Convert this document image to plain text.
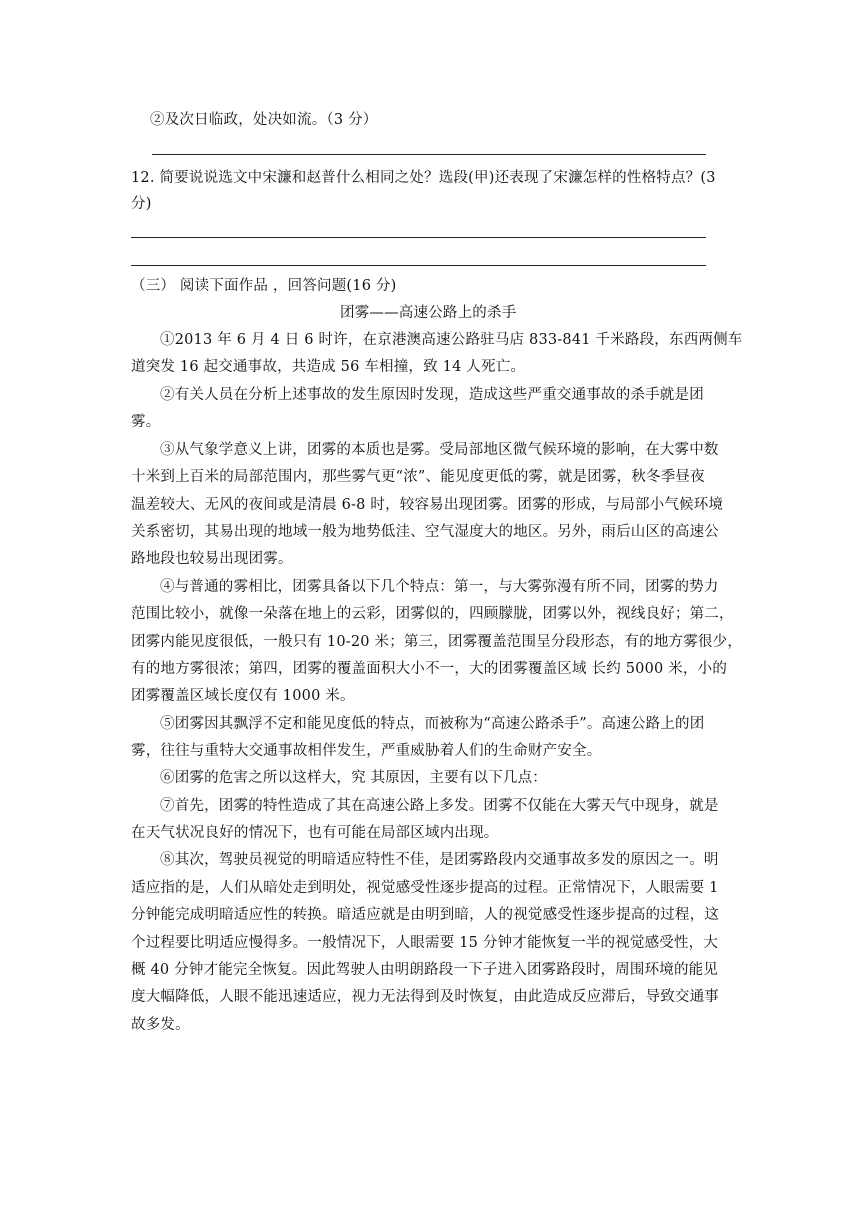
②及次日临政，处决如流。（3 分）
12. 简要说说选文中宋濂和赵普什么相同之处？选段(甲)还表现了宋濂怎样的性格特点？(3
分)
（三） 阅读下面作品 ，回答问题(16 分)
团雾——高速公路上的杀手
①2013 年 6 月 4 日 6 时许，在京港澳高速公路驻马店 833-841 千米路段，东西两侧车
道突发 16 起交通事故，共造成 56 车相撞，致 14 人死亡。
②有关人员在分析上述事故的发生原因时发现，造成这些严重交通事故的杀手就是团
雾。
③从气象学意义上讲，团雾的本质也是雾。受局部地区微气候环境的影响，在大雾中数
十米到上百米的局部范围内，那些雾气更“浓”、能见度更低的雾，就是团雾，秋冬季昼夜
温差较大、无风的夜间或是清晨 6-8 时，较容易出现团雾。团雾的形成，与局部小气候环境
关系密切，其易出现的地域一般为地势低洼、空气湿度大的地区。另外，雨后山区的高速公
路地段也较易出现团雾。
④与普通的雾相比，团雾具备以下几个特点：第一，与大雾弥漫有所不同，团雾的势力
范围比较小，就像一朵落在地上的云彩，团雾似的，四顾朦胧，团雾以外，视线良好；第二，
团雾内能见度很低，一般只有 10-20 米；第三，团雾覆盖范围呈分段形态，有的地方雾很少，
有的地方雾很浓；第四，团雾的覆盖面积大小不一，大的团雾覆盖区域 长约 5000 米，小的
团雾覆盖区域长度仅有 1000 米。
⑤团雾因其飘浮不定和能见度低的特点，而被称为“高速公路杀手”。高速公路上的团
雾，往往与重特大交通事故相伴发生，严重威胁着人们的生命财产安全。
⑥团雾的危害之所以这样大，究 其原因，主要有以下几点：
⑦首先，团雾的特性造成了其在高速公路上多发。团雾不仅能在大雾天气中现身，就是
在天气状况良好的情况下，也有可能在局部区域内出现。
⑧其次，驾驶员视觉的明暗适应特性不佳，是团雾路段内交通事故多发的原因之一。明
适应指的是，人们从暗处走到明处，视觉感受性逐步提高的过程。正常情况下，人眼需要 1
分钟能完成明暗适应性的转换。暗适应就是由明到暗，人的视觉感受性逐步提高的过程，这
个过程要比明适应慢得多。一般情况下，人眼需要 15 分钟才能恢复一半的视觉感受性，大
概 40 分钟才能完全恢复。因此驾驶人由明朗路段一下子进入团雾路段时，周围环境的能见
度大幅降低，人眼不能迅速适应，视力无法得到及时恢复，由此造成反应滞后，导致交通事
故多发。
